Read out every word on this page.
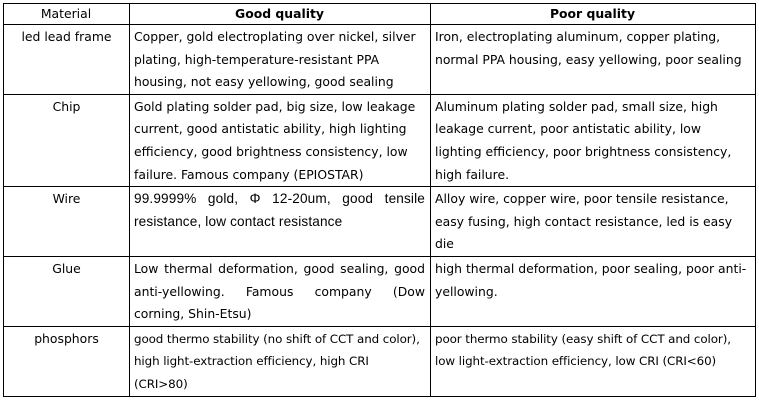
Material	Good quality	Poor quality
led lead frame	Copper, gold electroplating over nickel, silver plating, high-temperature-resistant PPA housing, not easy yellowing, good sealing	Iron, electroplating aluminum, copper plating, normal PPA housing, easy yellowing, poor sealing
Chip	Gold plating solder pad, big size, low leakage current, good antistatic ability, high lighting efficiency, good brightness consistency, low failure. Famous company (EPIOSTAR)	Aluminum plating solder pad, small size, high leakage current, poor antistatic ability, low lighting efficiency, poor brightness consistency, high failure.
Wire	99.9999% gold, Φ 12-20um, good tensile resistance, low contact resistance	Alloy wire, copper wire, poor tensile resistance, easy fusing, high contact resistance, led is easy die
Glue	Low thermal deformation, good sealing, good anti-yellowing. Famous company (Dow corning, Shin-Etsu)	high thermal deformation, poor sealing, poor anti-yellowing.
phosphors	good thermo stability (no shift of CCT and color), high light-extraction efficiency, high CRI (CRI>80)	poor thermo stability (easy shift of CCT and color), low light-extraction efficiency, low CRI (CRI<60)
